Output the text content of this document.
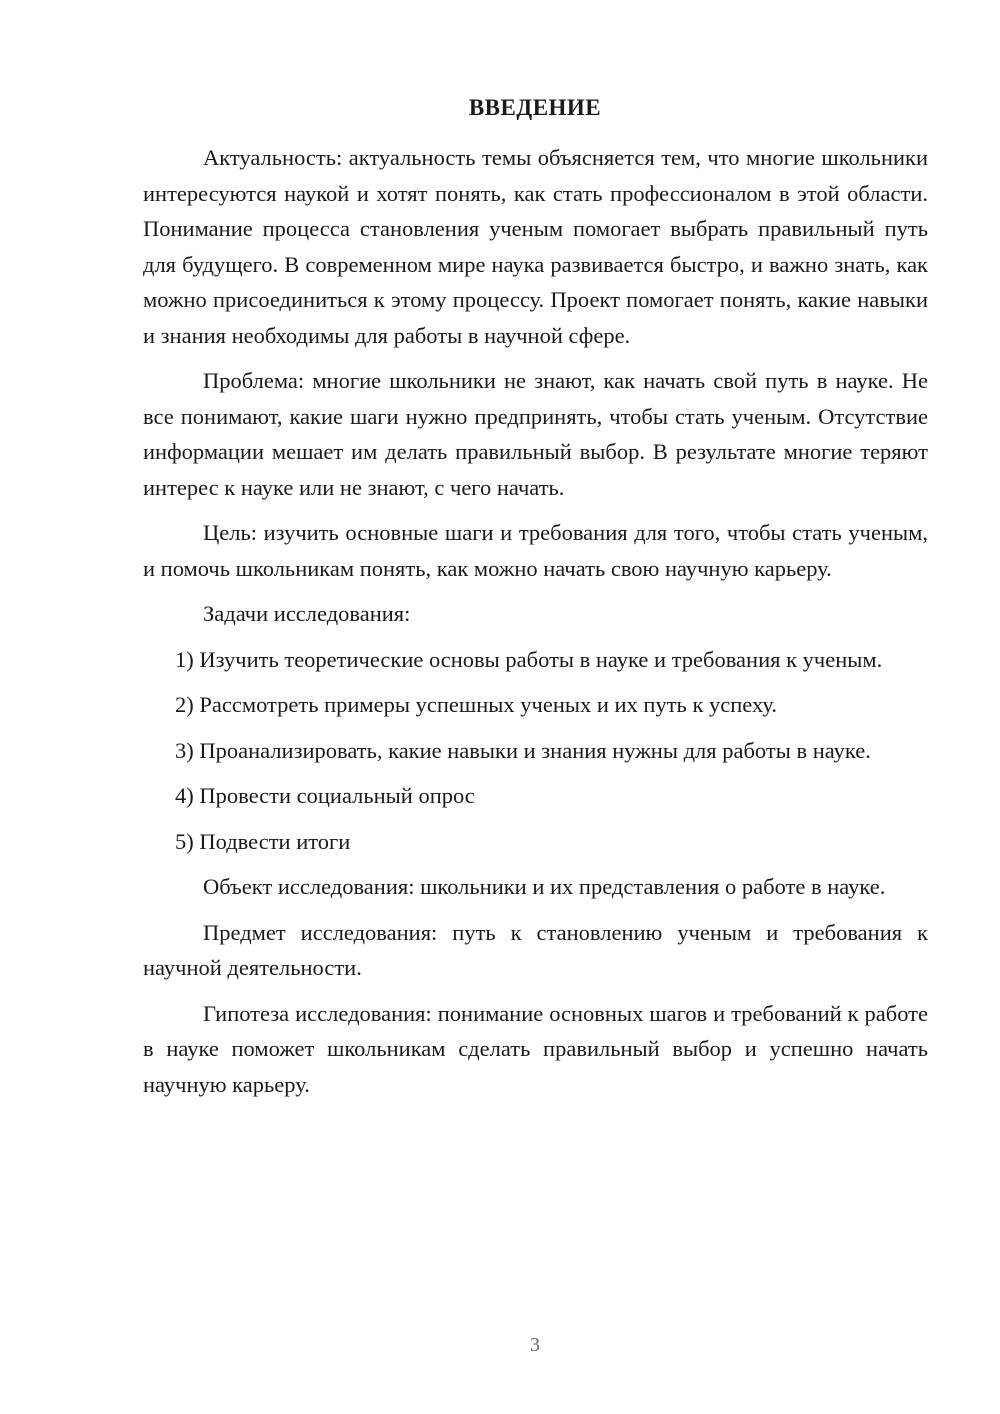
ВВЕДЕНИЕ

Актуальность: актуальность темы объясняется тем, что многие школьники интересуются наукой и хотят понять, как стать профессионалом в этой области. Понимание процесса становления ученым помогает выбрать правильный путь для будущего. В современном мире наука развивается быстро, и важно знать, как можно присоединиться к этому процессу. Проект помогает понять, какие навыки и знания необходимы для работы в научной сфере.

Проблема: многие школьники не знают, как начать свой путь в науке. Не все понимают, какие шаги нужно предпринять, чтобы стать ученым. Отсутствие информации мешает им делать правильный выбор. В результате многие теряют интерес к науке или не знают, с чего начать.

Цель: изучить основные шаги и требования для того, чтобы стать ученым, и помочь школьникам понять, как можно начать свою научную карьеру.

Задачи исследования:

1) Изучить теоретические основы работы в науке и требования к ученым.

2) Рассмотреть примеры успешных ученых и их путь к успеху.

3) Проанализировать, какие навыки и знания нужны для работы в науке.

4) Провести социальный опрос

5) Подвести итоги

Объект исследования: школьники и их представления о работе в науке.

Предмет исследования: путь к становлению ученым и требования к научной деятельности.

Гипотеза исследования: понимание основных шагов и требований к работе в науке поможет школьникам сделать правильный выбор и успешно начать научную карьеру.

3
